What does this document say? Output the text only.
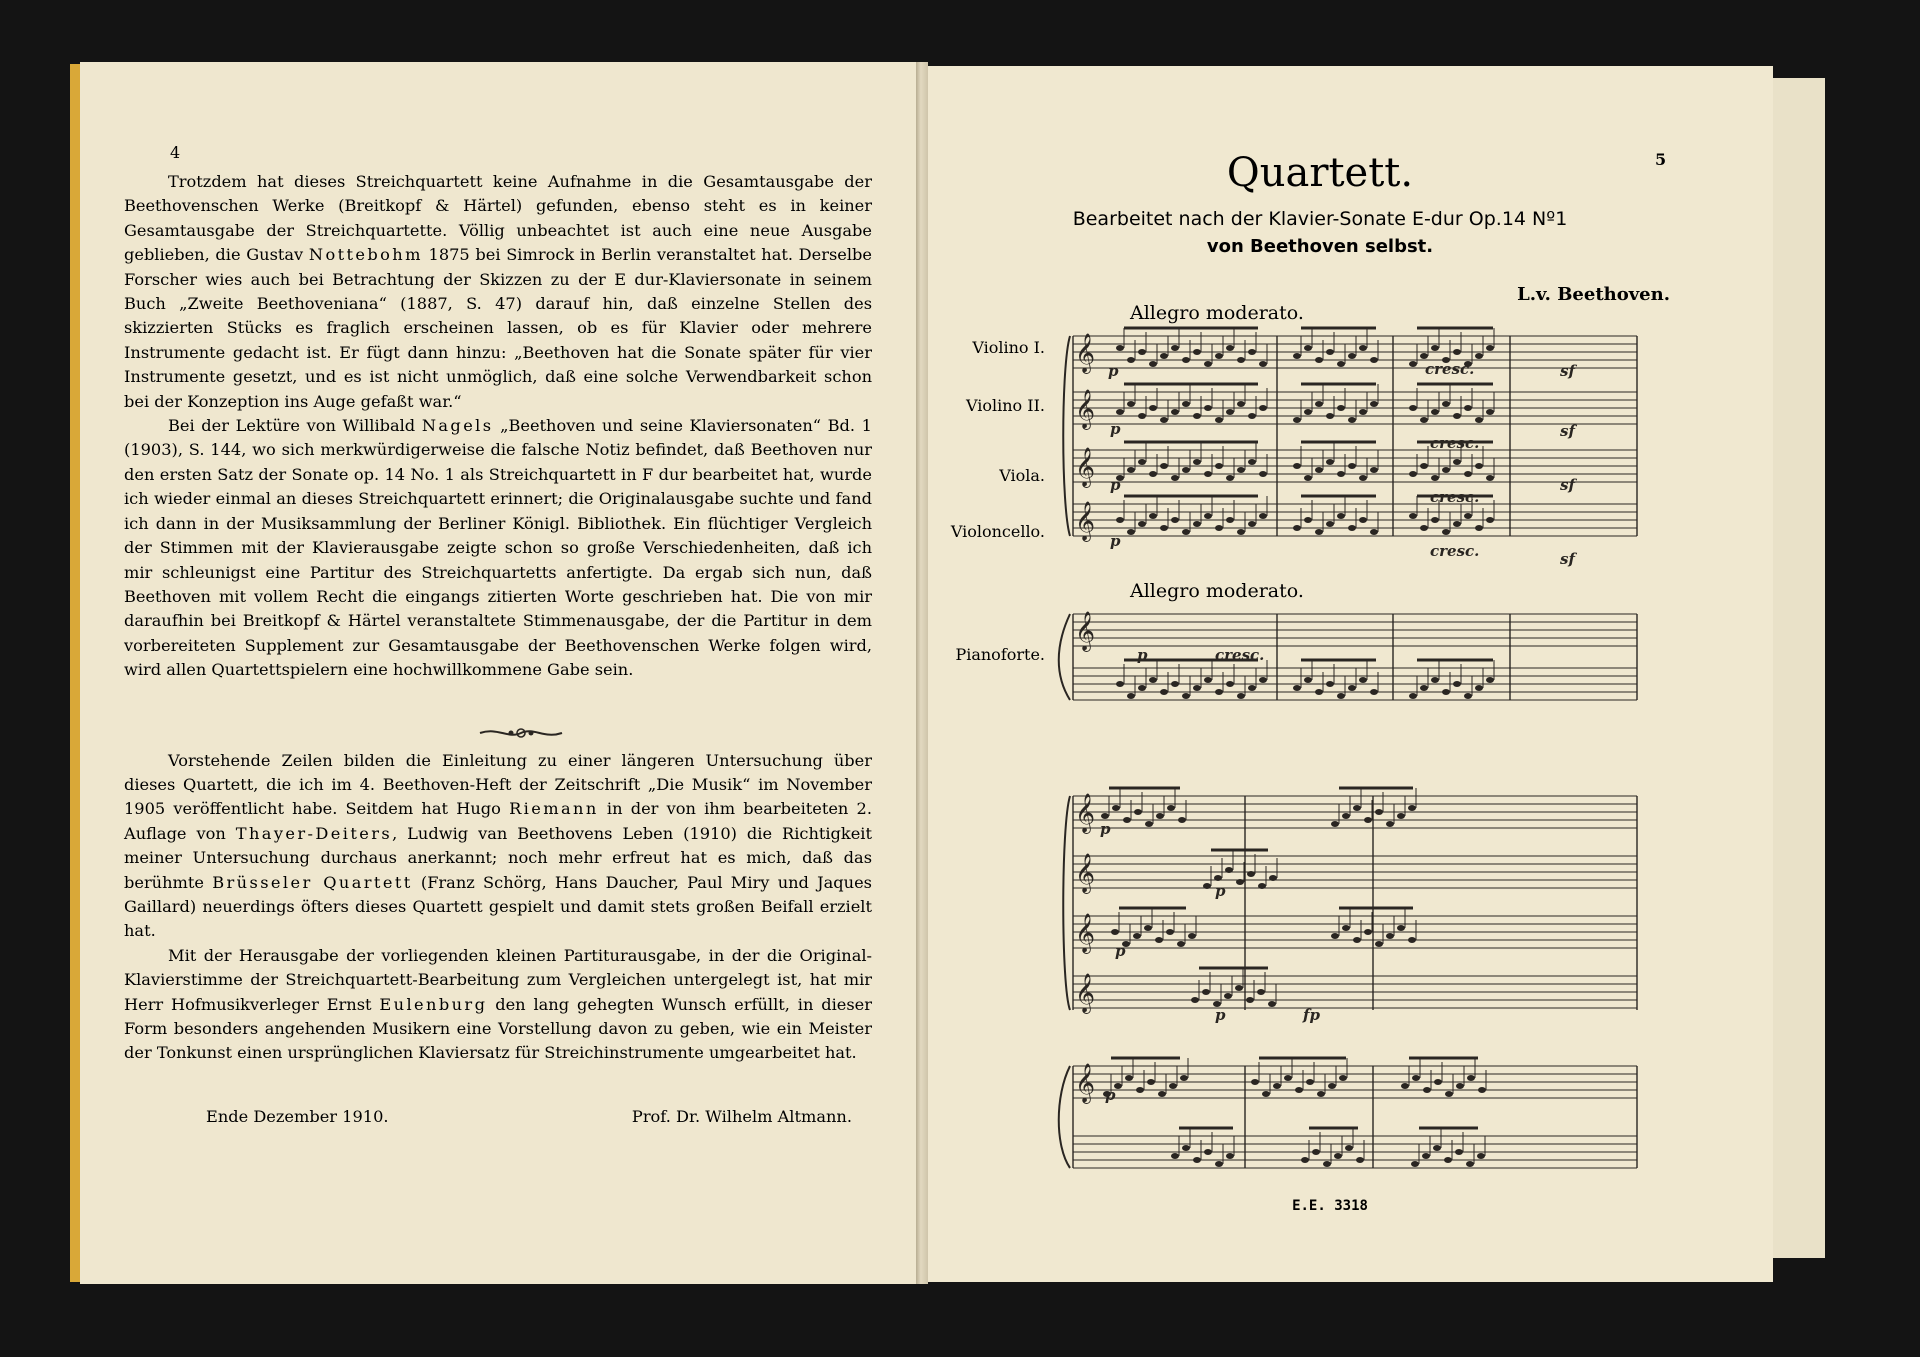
4

Trotzdem hat dieses Streichquartett keine Aufnahme in die Gesamtausgabe der Beethovenschen Werke (Breitkopf & Härtel) gefunden, ebenso steht es in keiner Gesamtausgabe der Streichquartette. Völlig unbeachtet ist auch eine neue Ausgabe geblieben, die Gustav Nottebohm 1875 bei Simrock in Berlin veranstaltet hat. Derselbe Forscher wies auch bei Betrachtung der Skizzen zu der E dur-Klaviersonate in seinem Buch „Zweite Beethoveniana“ (1887, S. 47) darauf hin, daß einzelne Stellen des skizzierten Stücks es fraglich erscheinen lassen, ob es für Klavier oder mehrere Instrumente gedacht ist. Er fügt dann hinzu: „Beethoven hat die Sonate später für vier Instrumente gesetzt, und es ist nicht unmöglich, daß eine solche Verwendbarkeit schon bei der Konzeption ins Auge gefaßt war.“

Bei der Lektüre von Willibald Nagels „Beethoven und seine Klaviersonaten“ Bd. 1 (1903), S. 144, wo sich merkwürdigerweise die falsche Notiz befindet, daß Beethoven nur den ersten Satz der Sonate op. 14 No. 1 als Streichquartett in F dur bearbeitet hat, wurde ich wieder einmal an dieses Streichquartett erinnert; die Originalausgabe suchte und fand ich dann in der Musiksammlung der Berliner Königl. Bibliothek. Ein flüchtiger Vergleich der Stimmen mit der Klavierausgabe zeigte schon so große Verschiedenheiten, daß ich mir schleunigst eine Partitur des Streichquartetts anfertigte. Da ergab sich nun, daß Beethoven mit vollem Recht die eingangs zitierten Worte geschrieben hat. Die von mir daraufhin bei Breitkopf & Härtel veranstaltete Stimmenausgabe, der die Partitur in dem vorbereiteten Supplement zur Gesamtausgabe der Beethovenschen Werke folgen wird, wird allen Quartettspielern eine hochwillkommene Gabe sein.

Vorstehende Zeilen bilden die Einleitung zu einer längeren Untersuchung über dieses Quartett, die ich im 4. Beethoven-Heft der Zeitschrift „Die Musik“ im November 1905 veröffentlicht habe. Seitdem hat Hugo Riemann in der von ihm bearbeiteten 2. Auflage von Thayer-Deiters, Ludwig van Beethovens Leben (1910) die Richtigkeit meiner Untersuchung durchaus anerkannt; noch mehr erfreut hat es mich, daß das berühmte Brüsseler Quartett (Franz Schörg, Hans Daucher, Paul Miry und Jaques Gaillard) neuerdings öfters dieses Quartett gespielt und damit stets großen Beifall erzielt hat.

Mit der Herausgabe der vorliegenden kleinen Partiturausgabe, in der die Original-Klavierstimme der Streichquartett-Bearbeitung zum Vergleichen untergelegt ist, hat mir Herr Hofmusikverleger Ernst Eulenburg den lang gehegten Wunsch erfüllt, in dieser Form besonders angehenden Musikern eine Vorstellung davon zu geben, wie ein Meister der Tonkunst einen ursprünglichen Klaviersatz für Streichinstrumente umgearbeitet hat.

Ende Dezember 1910.	Prof. Dr. Wilhelm Altmann.
5
Quartett.
Bearbeitet nach der Klavier-Sonate E-dur Op.14 Nº1
von Beethoven selbst.
L.v. Beethoven.
Allegro moderato.
Allegro moderato.
Violino I.
Violino II.
Viola.
Violoncello.
Pianoforte.
E.E. 3318
𝄞
𝄞
𝄞
𝄞
p
p
p
p
cresc.
cresc.
cresc.
cresc.
sf
sf
sf
sf
𝄞
cresc.
p
𝄞
𝄞
𝄞
𝄞
p
p
p
p	fp
𝄞 p
